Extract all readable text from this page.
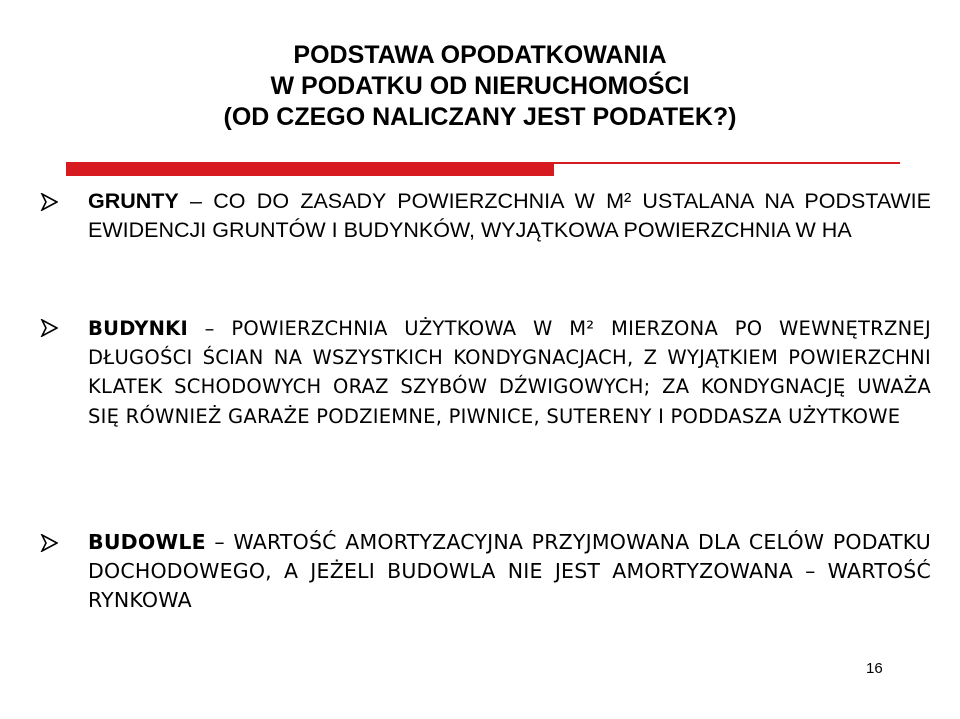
PODSTAWA OPODATKOWANIA
W PODATKU OD NIERUCHOMOŚCI
(OD CZEGO NALICZANY JEST PODATEK?)
GRUNTY – CO DO ZASADY POWIERZCHNIA W M² USTALANA NA PODSTAWIE EWIDENCJI GRUNTÓW I BUDYNKÓW, WYJĄTKOWA POWIERZCHNIA W HA
BUDYNKI – POWIERZCHNIA UŻYTKOWA W M² MIERZONA PO WEWNĘTRZNEJ DŁUGOŚCI ŚCIAN NA WSZYSTKICH KONDYGNACJACH, Z WYJĄTKIEM POWIERZCHNI KLATEK SCHODOWYCH ORAZ SZYBÓW DŹWIGOWYCH; ZA KONDYGNACJĘ UWAŻA SIĘ RÓWNIEŻ GARAŻE PODZIEMNE, PIWNICE, SUTERENY I PODDASZA UŻYTKOWE
BUDOWLE – WARTOŚĆ AMORTYZACYJNA PRZYJMOWANA DLA CELÓW PODATKU DOCHODOWEGO, A JEŻELI BUDOWLA NIE JEST AMORTYZOWANA – WARTOŚĆ RYNKOWA
16
